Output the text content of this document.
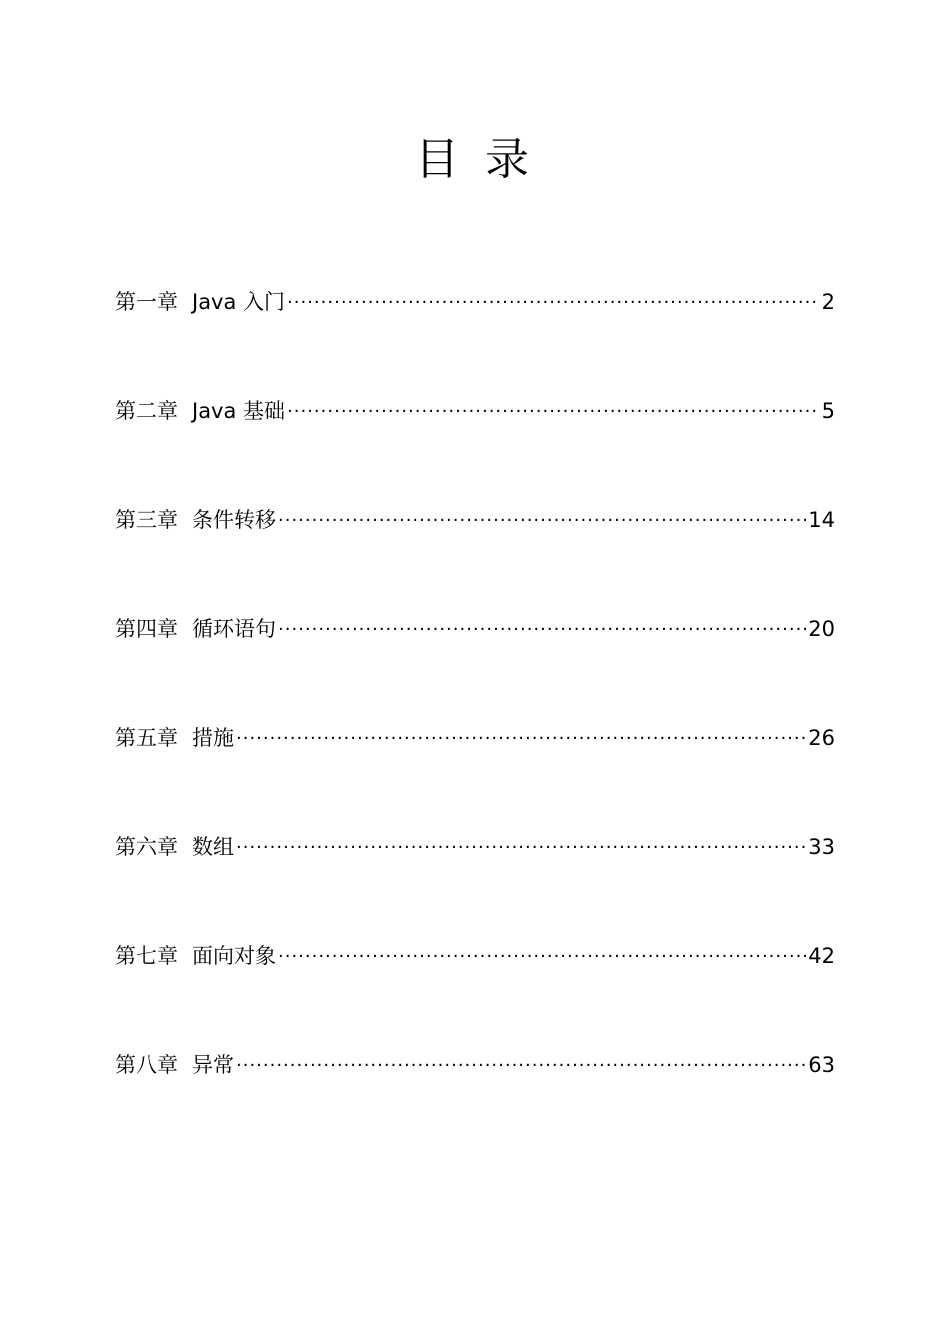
目 录
第一章 Java 入门 .....	2
第二章 Java 基础 .....	5
第三章 条件转移 .....	14
第四章 循环语句 .....	20
第五章 措施 .....	26
第六章 数组 .....	33
第七章 面向对象 .....	42
第八章 异常 .....	63
